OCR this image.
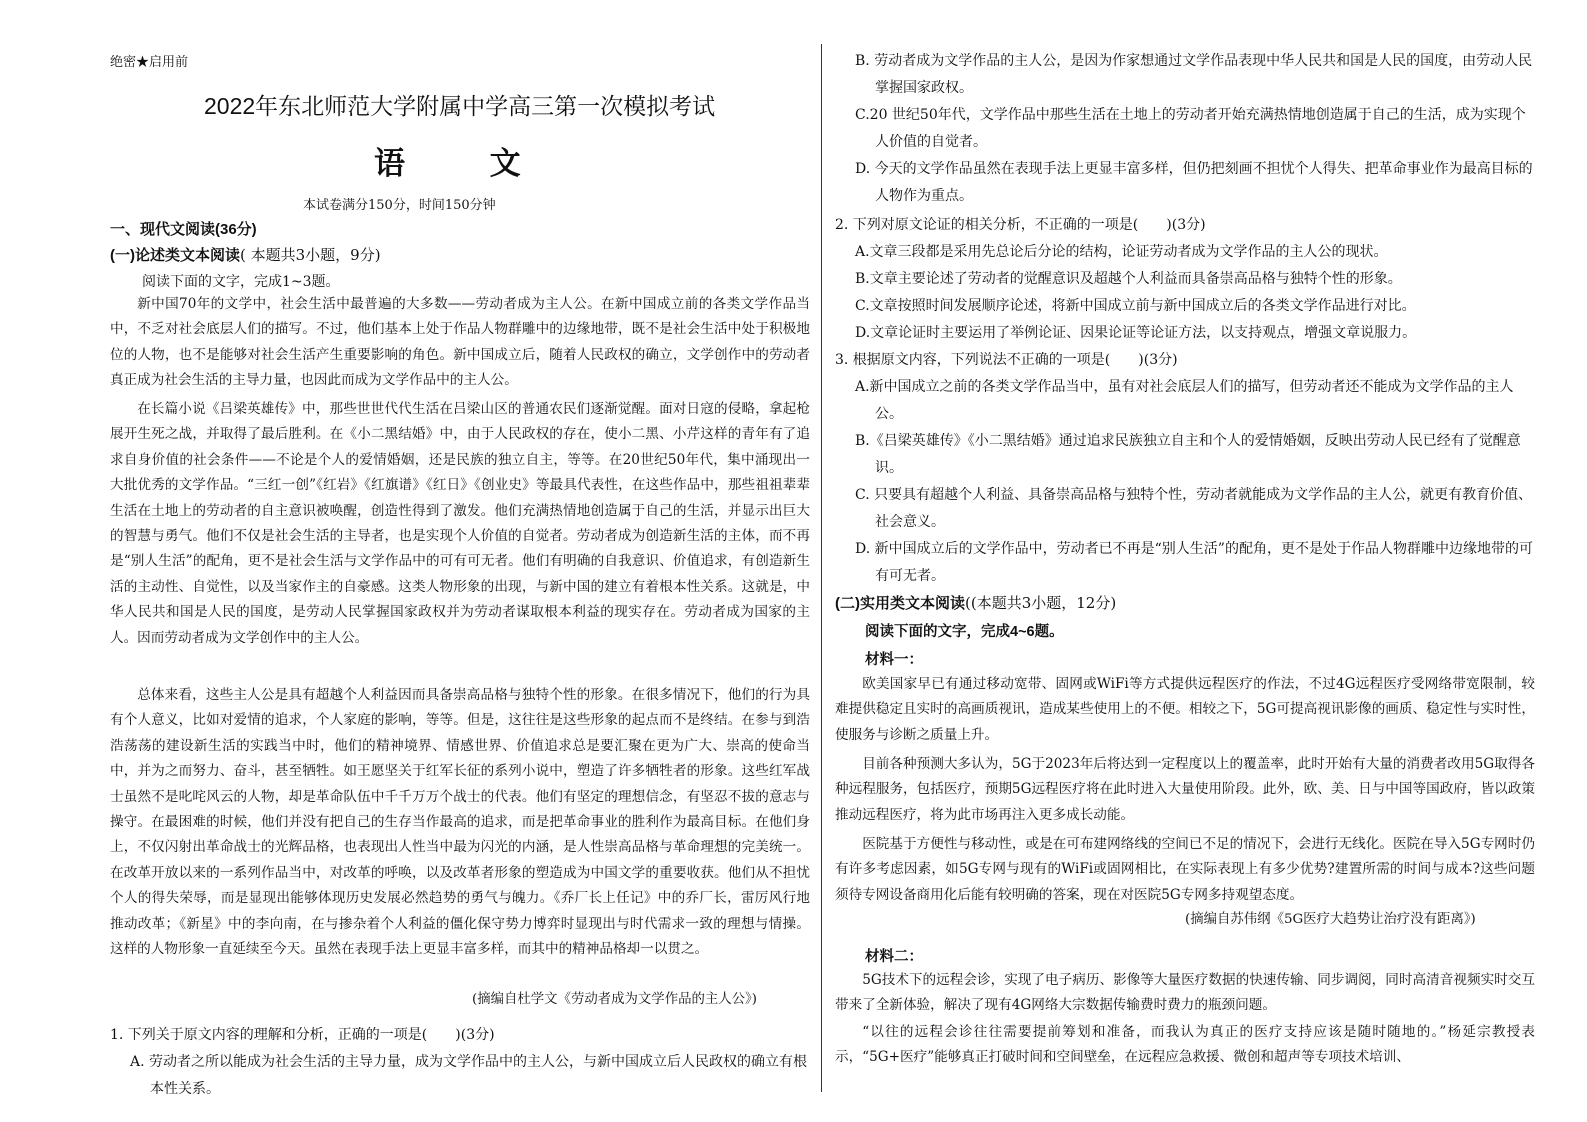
绝密★启用前
2022年东北师范大学附属中学高三第一次模拟考试
语 文
本试卷满分150分，时间150分钟
一、现代文阅读(36分)
(一)论述类文本阅读( 本题共3小题，9分)
阅读下面的文字，完成1~3题。

新中国70年的文学中，社会生活中最普遍的大多数——劳动者成为主人公。在新中国成立前的各类文学作品当中，不乏对社会底层人们的描写。不过，他们基本上处于作品人物群雕中的边缘地带，既不是社会生活中处于积极地位的人物，也不是能够对社会生活产生重要影响的角色。新中国成立后，随着人民政权的确立，文学创作中的劳动者真正成为社会生活的主导力量，也因此而成为文学作品中的主人公。

在长篇小说《吕梁英雄传》中，那些世世代代生活在吕梁山区的普通农民们逐渐觉醒。面对日寇的侵略，拿起枪展开生死之战，并取得了最后胜利。在《小二黑结婚》中，由于人民政权的存在，使小二黑、小芹这样的青年有了追求自身价值的社会条件——不论是个人的爱情婚姻，还是民族的独立自主，等等。在20世纪50年代，集中涌现出一大批优秀的文学作品。“三红一创”《红岩》《红旗谱》《红日》《创业史》等最具代表性，在这些作品中，那些祖祖辈辈生活在土地上的劳动者的自主意识被唤醒，创造性得到了激发。他们充满热情地创造属于自己的生活，并显示出巨大的智慧与勇气。他们不仅是社会生活的主导者，也是实现个人价值的自觉者。劳动者成为创造新生活的主体，而不再是“别人生活”的配角，更不是社会生活与文学作品中的可有可无者。他们有明确的自我意识、价值追求，有创造新生活的主动性、自觉性，以及当家作主的自豪感。这类人物形象的出现，与新中国的建立有着根本性关系。这就是，中华人民共和国是人民的国度，是劳动人民掌握国家政权并为劳动者谋取根本利益的现实存在。劳动者成为国家的主人。因而劳动者成为文学创作中的主人公。

总体来看，这些主人公是具有超越个人利益因而具备崇高品格与独特个性的形象。在很多情况下，他们的行为具有个人意义，比如对爱情的追求，个人家庭的影响，等等。但是，这往往是这些形象的起点而不是终结。在参与到浩浩荡荡的建设新生活的实践当中时，他们的精神境界、情感世界、价值追求总是要汇聚在更为广大、崇高的使命当中，并为之而努力、奋斗，甚至牺牲。如王愿坚关于红军长征的系列小说中，塑造了许多牺牲者的形象。这些红军战士虽然不是叱咤风云的人物，却是革命队伍中千千万万个战士的代表。他们有坚定的理想信念，有坚忍不拔的意志与操守。在最困难的时候，他们并没有把自己的生存当作最高的追求，而是把革命事业的胜利作为最高目标。在他们身上，不仅闪射出革命战士的光辉品格，也表现出人性当中最为闪光的内涵，是人性崇高品格与革命理想的完美统一。在改革开放以来的一系列作品当中，对改革的呼唤，以及改革者形象的塑造成为中国文学的重要收获。他们从不担忧个人的得失荣辱，而是显现出能够体现历史发展必然趋势的勇气与魄力。《乔厂长上任记》中的乔厂长，雷厉风行地推动改革；《新星》中的李向南，在与掺杂着个人利益的僵化保守势力博弈时显现出与时代需求一致的理想与情操。这样的人物形象一直延续至今天。虽然在表现手法上更显丰富多样，而其中的精神品格却一以贯之。

(摘编自杜学文《劳动者成为文学作品的主人公》)

1. 下列关于原文内容的理解和分析，正确的一项是(　　)(3分)

A. 劳动者之所以能成为社会生活的主导力量，成为文学作品中的主人公，与新中国成立后人民政权的确立有根本性关系。

B. 劳动者成为文学作品的主人公，是因为作家想通过文学作品表现中华人民共和国是人民的国度，由劳动人民掌握国家政权。

C.20 世纪50年代，文学作品中那些生活在土地上的劳动者开始充满热情地创造属于自己的生活，成为实现个人价值的自觉者。

D. 今天的文学作品虽然在表现手法上更显丰富多样，但仍把刻画不担忧个人得失、把革命事业作为最高目标的人物作为重点。

2. 下列对原文论证的相关分析，不正确的一项是(　　)(3分)

A.文章三段都是采用先总论后分论的结构，论证劳动者成为文学作品的主人公的现状。

B.文章主要论述了劳动者的觉醒意识及超越个人利益而具备崇高品格与独特个性的形象。

C.文章按照时间发展顺序论述，将新中国成立前与新中国成立后的各类文学作品进行对比。

D.文章论证时主要运用了举例论证、因果论证等论证方法，以支持观点，增强文章说服力。

3. 根据原文内容，下列说法不正确的一项是(　　)(3分)

A.新中国成立之前的各类文学作品当中，虽有对社会底层人们的描写，但劳动者还不能成为文学作品的主人公。

B.《吕梁英雄传》《小二黑结婚》通过追求民族独立自主和个人的爱情婚姻，反映出劳动人民已经有了觉醒意识。

C. 只要具有超越个人利益、具备崇高品格与独特个性，劳动者就能成为文学作品的主人公，就更有教育价值、社会意义。

D. 新中国成立后的文学作品中，劳动者已不再是“别人生活”的配角，更不是处于作品人物群雕中边缘地带的可有可无者。

(二)实用类文本阅读((本题共3小题，12分)
阅读下面的文字，完成4~6题。
材料一：

欧美国家早已有通过移动宽带、固网或WiFi等方式提供远程医疗的作法，不过4G远程医疗受网络带宽限制，较难提供稳定且实时的高画质视讯，造成某些使用上的不便。相较之下，5G可提高视讯影像的画质、稳定性与实时性，使服务与诊断之质量上升。

目前各种预测大多认为，5G于2023年后将达到一定程度以上的覆盖率，此时开始有大量的消费者改用5G取得各种远程服务，包括医疗，预期5G远程医疗将在此时进入大量使用阶段。此外，欧、美、日与中国等国政府，皆以政策推动远程医疗，将为此市场再注入更多成长动能。

医院基于方便性与移动性，或是在可布建网络线的空间已不足的情况下，会进行无线化。医院在导入5G专网时仍有许多考虑因素，如5G专网与现有的WiFi或固网相比，在实际表现上有多少优势?建置所需的时间与成本?这些问题须待专网设备商用化后能有较明确的答案，现在对医院5G专网多持观望态度。

(摘编自苏伟纲《5G医疗大趋势让治疗没有距离》)
材料二：

5G技术下的远程会诊，实现了电子病历、影像等大量医疗数据的快速传输、同步调阅，同时高清音视频实时交互带来了全新体验，解决了现有4G网络大宗数据传输费时费力的瓶颈问题。

“以往的远程会诊往往需要提前筹划和准备，而我认为真正的医疗支持应该是随时随地的。”杨延宗教授表示，“5G+医疗”能够真正打破时间和空间壁垒，在远程应急救援、微创和超声等专项技术培训、
